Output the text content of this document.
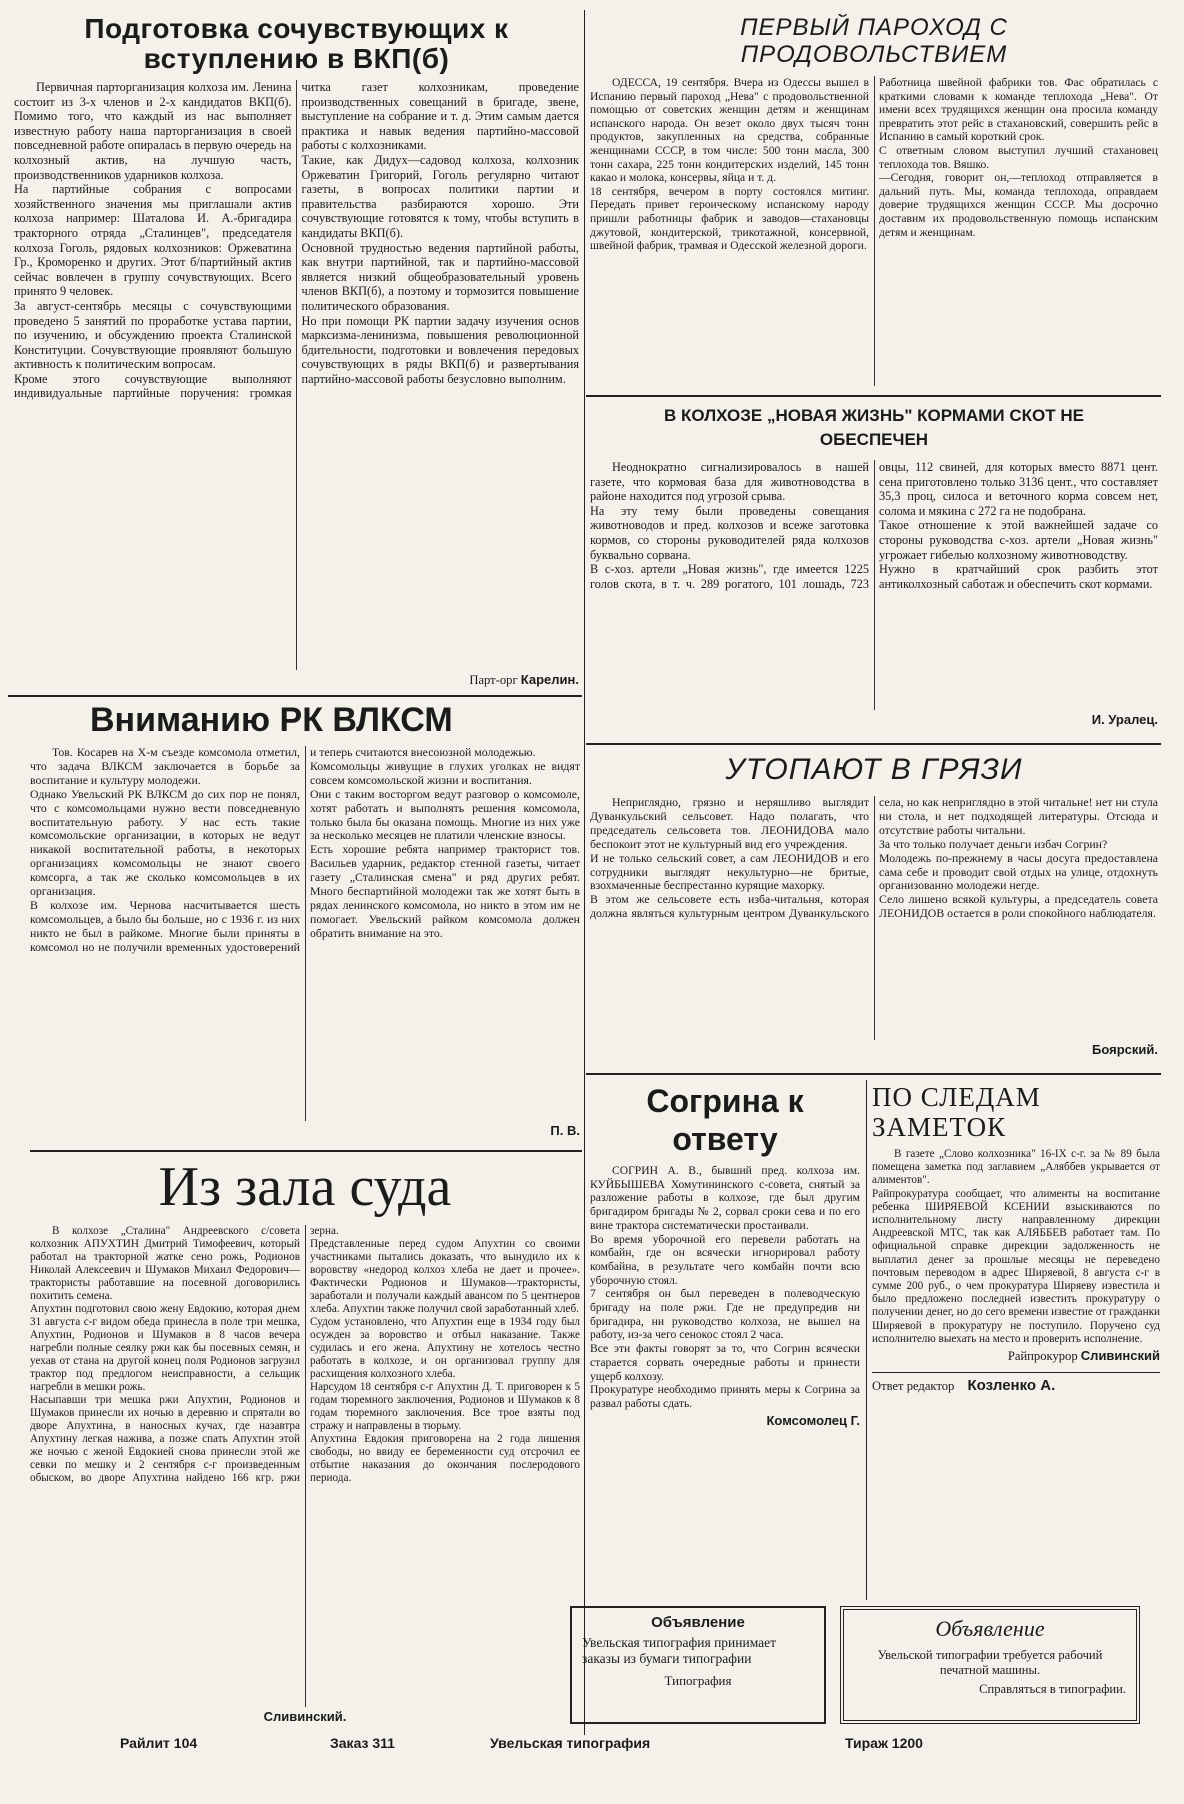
Подготовка сочувствующих к вступлению в ВКП(б)
Первичная парторганизация колхоза им. Ленина состоит из 3-х членов и 2-х кандидатов ВКП(б). Помимо того, что каждый из нас выполняет известную работу наша парторганизация в своей повседневной работе опиралась в первую очередь на колхозный актив, на лучшую часть, производственников ударников колхоза.
На партийные собрания с вопросами хозяйственного значения мы приглашали актив колхоза например: Шаталова И. А.-бригадира тракторного отряда „Сталинцев", председателя колхоза Гоголь, рядовых колхозников: Оржеватина Гр., Кроморенко и других. Этот б/партийный актив сейчас вовлечен в группу сочувствующих. Всего принято 9 человек.
За август-сентябрь месяцы с сочувствующими проведено 5 занятий по проработке устава партии, по изучению, и обсуждению проекта Сталинской Конституции. Сочувствующие проявляют большую активность к политическим вопросам.
Кроме этого сочувствующие выполняют индивидуальные партийные поручения: громкая читка газет колхозникам, проведение производственных совещаний в бригаде, звене, выступление на собрание и т. д. Этим самым дается практика и навык ведения партийно-массовой работы с колхозниками.
Такие, как Дидух—садовод колхоза, колхозник Оржеватин Григорий, Гоголь регулярно читают газеты, в вопросах политики партии и правительства разбираются хорошо. Эти сочувствующие готовятся к тому, чтобы вступить в кандидаты ВКП(б).
Основной трудностью ведения партийной работы, как внутри партийной, так и партийно-массовой является низкий общеобразовательный уровень членов ВКП(б), а поэтому и тормозится повышение политического образования.
Но при помощи РК партии задачу изучения основ марксизма-ленинизма, повышения революционной бдительности, подготовки и вовлечения передовых сочувствующих в ряды ВКП(б) и развертывания партийно-массовой работы безусловно выполним.
Парт-орг Карелин.
ПЕРВЫЙ ПАРОХОД С ПРОДОВОЛЬСТВИЕМ
ОДЕССА, 19 сентября. Вчера из Одессы вышел в Испанию первый пароход „Нева" с продовольственной помощью от советских женщин детям и женщинам испанского народа. Он везет около двух тысяч тонн продуктов, закупленных на средства, собранные женщинами СССР, в том числе: 500 тонн масла, 300 тонн сахара, 225 тонн кондитерских изделий, 145 тонн какао и молока, консервы, яйца и т. д.
18 сентября, вечером в порту состоялся митинг. Передать привет героическому испанскому народу пришли работницы фабрик и заводов—стахановцы джутовой, кондитерской, трикотажной, консервной, швейной фабрик, трамвая и Одесской железной дороги.
Работница швейной фабрики тов. Фас обратилась с краткими словами к команде теплохода „Нева". От имени всех трудящихся женщин она просила команду превратить этот рейс в стахановский, совершить рейс в Испанию в самый короткий срок.
С ответным словом выступил лучший стахановец теплохода тов. Вяшко.
—Сегодня, говорит он,—теплоход отправляется в дальний путь. Мы, команда теплохода, оправдаем доверие трудящихся женщин СССР. Мы досрочно доставим их продовольственную помощь испанским детям и женщинам.
В КОЛХОЗЕ „НОВАЯ ЖИЗНЬ" КОРМАМИ СКОТ НЕ ОБЕСПЕЧЕН
Неоднократно сигнализировалось в нашей газете, что кормовая база для животноводства в районе находится под угрозой срыва.
На эту тему были проведены совещания животноводов и пред. колхозов и всеже заготовка кормов, со стороны руководителей ряда колхозов буквально сорвана.
В с-хоз. артели „Новая жизнь", где имеется 1225 голов скота, в т. ч. 289 рогатого, 101 лошадь, 723 овцы, 112 свиней, для которых вместо 8871 цент. сена приготовлено только 3136 цент., что составляет 35,3 проц, силоса и веточного корма совсем нет, солома и мякина с 272 га не подобрана.
Такое отношение к этой важнейшей задаче со стороны руководства с-хоз. артели „Новая жизнь" угрожает гибелью колхозному животноводству.
Нужно в кратчайший срок разбить этот антиколхозный саботаж и обеспечить скот кормами.
И. Уралец.
Вниманию РК ВЛКСМ
Тов. Косарев на Х-м съезде комсомола отметил, что задача ВЛКСМ заключается в борьбе за воспитание и культуру молодежи.
Однако Увельский РК ВЛКСМ до сих пор не понял, что с комсомольцами нужно вести повседневную воспитательную работу. У нас есть такие комсомольские организации, в которых не ведут никакой воспитательной работы, в некоторых организациях комсомольцы не знают своего комсорга, а так же сколько комсомольцев в их организация.
В колхозе им. Чернова насчитывается шесть комсомольцев, а было бы больше, но с 1936 г. из них никто не был в райкоме. Многие были приняты в комсомол но не получили временных удостоверений и теперь считаются внесоюзной молодежью.
Комсомольцы живущие в глухих уголках не видят совсем комсомольской жизни и воспитания.
Они с таким восторгом ведут разговор о комсомоле, хотят работать и выполнять решения комсомола, только была бы оказана помощь. Многие из них уже за несколько месяцев не платили членские взносы.
Есть хорошие ребята например тракторист тов. Васильев ударник, редактор стенной газеты, читает газету „Сталинская смена" и ряд других ребят. Много беспартийной молодежи так же хотят быть в рядах ленинского комсомола, но никто в этом им не помогает. Увельский райком комсомола должен обратить внимание на это.
П. В.
УТОПАЮТ В ГРЯЗИ
Неприглядно, грязно и неряшливо выглядит Дуванкульский сельсовет. Надо полагать, что председатель сельсовета тов. ЛЕОНИДОВА мало беспокоит этот не культурный вид его учреждения.
И не только сельский совет, а сам ЛЕОНИДОВ и его сотрудники выглядят некультурно—не бритые, взохмаченные беспрестанно курящие махорку.
В этом же сельсовете есть изба-читальня, которая должна являться культурным центром Дуванкульского села, но как неприглядно в этой читальне! нет ни стула ни стола, и нет подходящей литературы. Отсюда и отсутствие работы читальни.
За что только получает деньги избач Согрин?
Молодежь по-прежнему в часы досуга предоставлена сама себе и проводит свой отдых на улице, отдохнуть организованно молодежи негде.
Село лишено всякой культуры, а председатель совета ЛЕОНИДОВ остается в роли спокойного наблюдателя.
Боярский.
Из зала суда
В колхозе „Сталина" Андреевского с/совета колхозник АПУХТИН Дмитрий Тимофеевич, который работал на тракторной жатке сено рожь, Родионов Николай Алексеевич и Шумаков Михаил Федорович—трактористы работавшие на посевной договорились похитить семена.
Апухтин подготовил свою жену Евдокию, которая днем 31 августа с-г видом обеда принесла в поле три мешка, Апухтин, Родионов и Шумаков в 8 часов вечера нагребли полные сеялку ржи как бы посевных семян, и уехав от стана на другой конец поля Родионов загрузил трактор под предлогом неисправности, а сельщик нагребли в мешки рожь.
Насыпавши три мешка ржи Апухтин, Родионов и Шумаков принесли их ночью в деревню и спрятали во дворе Апухтина, в наносных кучах, где назавтра Апухтину легкая нажива, а позже спать Апухтин этой же ночью с женой Евдокией снова принесли этой же севки по мешку и 2 сентября с-г произведенным обыском, во дворе Апухтина найдено 166 кгр. ржи зерна.
Представленные перед судом Апухтин со своими участниками пытались доказать, что вынудило их к воровству «недород колхоз хлеба не дает и прочее». Фактически Родионов и Шумаков—трактористы, заработали и получали каждый авансом по 5 центнеров хлеба. Апухтин также получил свой заработанный хлеб.
Судом установлено, что Апухтин еще в 1934 году был осужден за воровство и отбыл наказание. Также судилась и его жена. Апухтину не хотелось честно работать в колхозе, и он организовал группу для расхищения колхозного хлеба.
Нарсудом 18 сентября с-г Апухтин Д. Т. приговорен к 5 годам тюремного заключения, Родионов и Шумаков к 8 годам тюремного заключения. Все трое взяты под стражу и направлены в тюрьму.
Апухтина Евдокия приговорена на 2 года лишения свободы, но ввиду ее беременности суд отсрочил ее отбытие наказания до окончания послеродового периода.
Сливинский.
Согрина к ответу
СОГРИН А. В., бывший пред. колхоза им. КУЙБЫШЕВА Хомутининского с-совета, снятый за разложение работы в колхозе, где был другим бригадиром бригады № 2, сорвал сроки сева и по его вине трактора систематически простаивали.
Во время уборочной его перевели работать на комбайн, где он всячески игнорировал работу комбайна, в результате чего комбайн почти всю уборочную стоял.
7 сентября он был переведен в полеводческую бригаду на поле ржи. Где не предупредив ни бригадира, ни руководство колхоза, не вышел на работу, из-за чего сенокос стоял 2 часа.
Все эти факты говорят за то, что Согрин всячески старается сорвать очередные работы и принести ущерб колхозу.
Прокуратуре необходимо принять меры к Согрина за развал работы сдать.
Комсомолец Г.
ПО СЛЕДАМ ЗАМЕТОК
В газете „Слово колхозника" 16-IX с-г. за № 89 была помещена заметка под заглавием „Аляббев укрывается от алиментов".
Райпрокуратура сообщает, что алименты на воспитание ребенка ШИРЯЕВОЙ КСЕНИИ взыскиваются по исполнительному листу направленному дирекции Андреевской МТС, так как АЛЯББЕВ работает там. По официальной справке дирекции задолженность не выплатил денег за прошлые месяцы не переведено почтовым переводом в адрес Ширяевой, 8 августа с-г в сумме 200 руб., о чем прокуратура Ширяеву известила и было предложено последней известить прокуратуру о получении денег, но до сего времени известие от гражданки Ширяевой в прокуратуру не поступило. Поручено суд исполнителю выехать на место и проверить исполнение.
Райпрокурор Сливинский
Ответ редактор Козленко А.
Объявление
Увельская типография принимает заказы из бумаги типографии
Типография
Объявление
Увельской типографии требуется рабочий печатной машины.
Справляться в типографии.
Райлит 104	Заказ 311	Увельская типография	Тираж 1200
